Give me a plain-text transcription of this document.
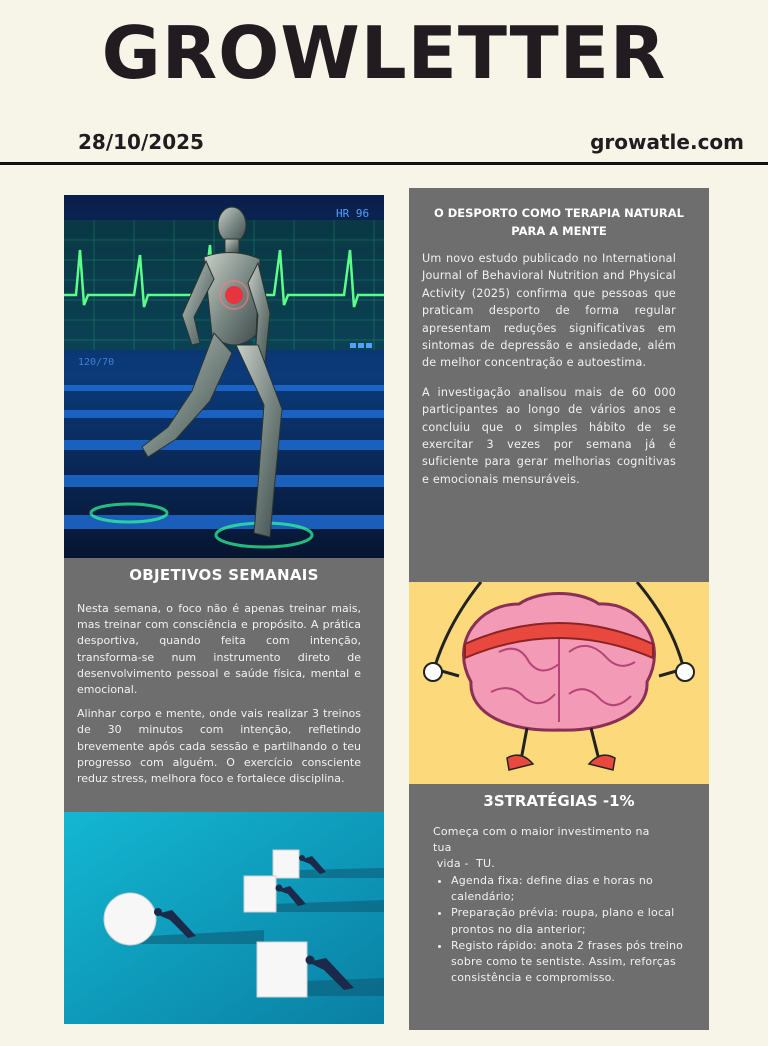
GROWLETTER
28/10/2025	growatle.com
HR 96
120/70
OBJETIVOS SEMANAIS

Nesta semana, o foco não é apenas treinar mais, mas treinar com consciência e propósito. A prática desportiva, quando feita com intenção, transforma-se num instrumento direto de desenvolvimento pessoal e saúde física, mental e emocional.

Alinhar corpo e mente, onde vais realizar 3 treinos de 30 minutos com intenção, refletindo brevemente após cada sessão e partilhando o teu progresso com alguém. O exercício consciente reduz stress, melhora foco e fortalece disciplina.

O DESPORTO COMO TERAPIA NATURAL PARA A MENTE

Um novo estudo publicado no International Journal of Behavioral Nutrition and Physical Activity (2025) confirma que pessoas que praticam desporto de forma regular apresentam reduções significativas em sintomas de depressão e ansiedade, além de melhor concentração e autoestima.

A investigação analisou mais de 60 000 participantes ao longo de vários anos e concluiu que o simples hábito de se exercitar 3 vezes por semana já é suficiente para gerar melhorias cognitivas e emocionais mensuráveis.

3STRATÉGIAS -1%
Começa com o maior investimento na
tua
vida -  TU.
• Agenda fixa: define dias e horas no calendário;
• Preparação prévia: roupa, plano e local prontos no dia anterior;
• Registo rápido: anota 2 frases pós treino sobre como te sentiste. Assim, reforças consistência e compromisso.
